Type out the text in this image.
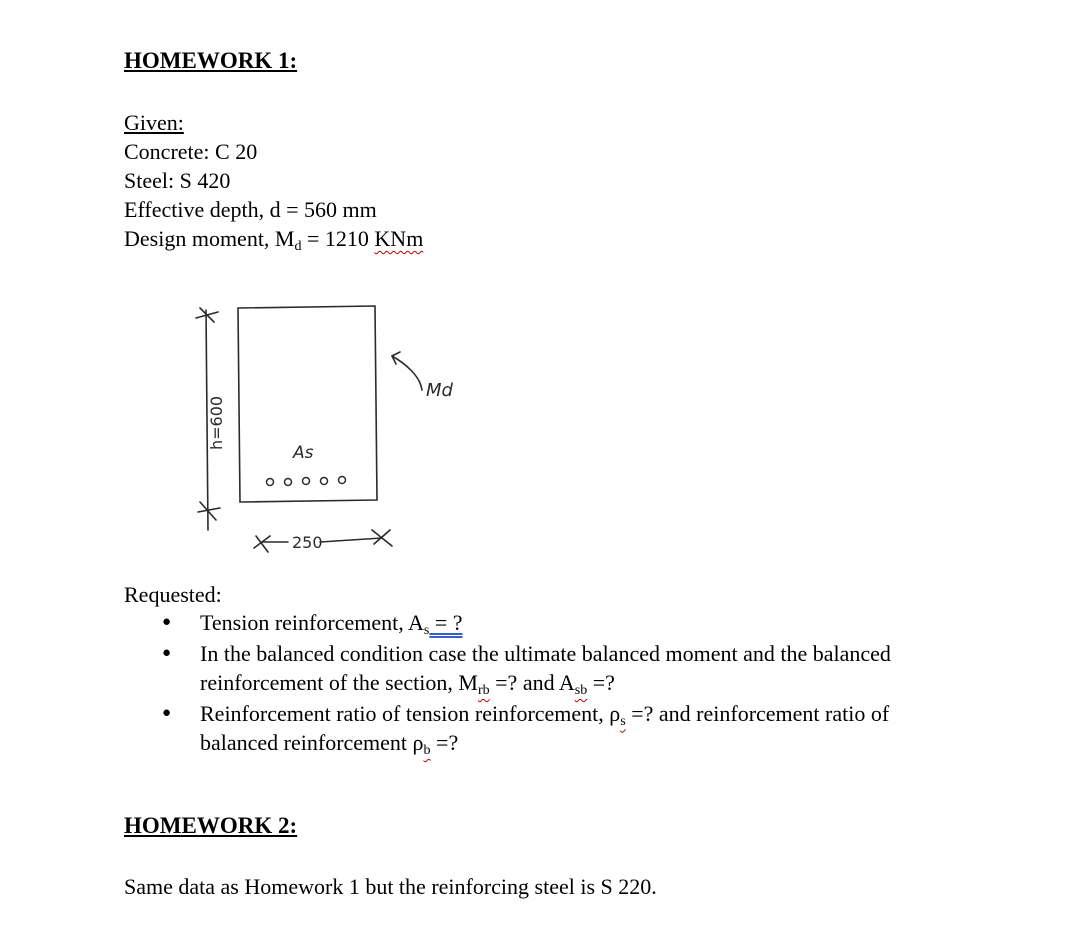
HOMEWORK 1:
Given:
Concrete: C 20
Steel: S 420
Effective depth, d = 560 mm
Design moment, $M_d = 1210$ KNm
As
Md
250
h=600
Requested:
● Tension reinforcement, $A_s$ = ?
● In the balanced condition case the ultimate balanced moment and the balanced
reinforcement of the section, $M_{rb}$ =? and $A_{sb}$ =?
● Reinforcement ratio of tension reinforcement, $\rho_s$ =? and reinforcement ratio of
balanced reinforcement $\rho_b$ =?
HOMEWORK 2:
Same data as Homework 1 but the reinforcing steel is S 220.
